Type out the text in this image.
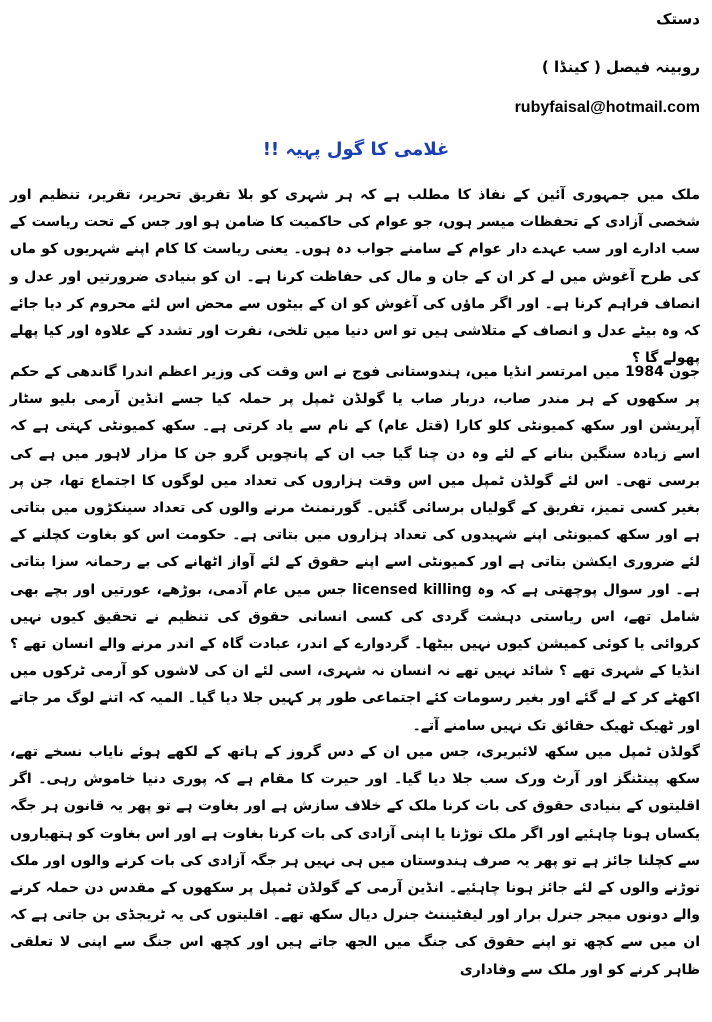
دستک
روبینہ فیصل ( کینڈا )
rubyfaisal@hotmail.com
غلامی کا گول پہیہ !!

ملک میں جمہوری آئین کے نفاذ کا مطلب ہے کہ ہر شہری کو بلا تفریق تحریر، تقریر، تنظیم اور شخصی آزادی کے تحفظات میسر ہوں، جو عوام کی حاکمیت کا ضامن ہو اور جس کے تحت ریاست کے سب ادارے اور سب عہدے دار عوام کے سامنے جواب دہ ہوں۔ یعنی ریاست کا کام اپنے شہریوں کو ماں کی طرح آغوش میں لے کر ان کے جان و مال کی حفاظت کرنا ہے۔ ان کو بنیادی ضرورتیں اور عدل و انصاف فراہم کرنا ہے۔ اور اگر ماؤں کی آغوش کو ان کے بیٹوں سے محض اس لئے محروم کر دیا جائے کہ وہ بیٹے عدل و انصاف کے متلاشی ہیں تو اس دنیا میں تلخی، نفرت اور تشدد کے علاوہ اور کیا پھلے پھولے گا ؟

جون 1984 میں امرتسر انڈیا میں، ہندوستانی فوج نے اس وقت کی وزیر اعظم اندرا گاندھی کے حکم پر سکھوں کے ہر مندر صاب، دربار صاب یا گولڈن ٹمپل پر حملہ کیا جسے انڈین آرمی بلیو سٹار آپریشن اور سکھ کمیونٹی کلو کارا (قتل عام) کے نام سے یاد کرتی ہے۔ سکھ کمیونٹی کہتی ہے کہ اسے زیادہ سنگین بنانے کے لئے وہ دن چنا گیا جب ان کے پانچویں گرو جن کا مزار لاہور میں ہے کی برسی تھی۔ اس لئے گولڈن ٹمپل میں اس وقت ہزاروں کی تعداد میں لوگوں کا اجتماع تھا، جن پر بغیر کسی تمیز، تفریق کے گولیاں برسائی گئیں۔ گورنمنٹ مرنے والوں کی تعداد سینکڑوں میں بتاتی ہے اور سکھ کمیونٹی اپنے شہیدوں کی تعداد ہزاروں میں بتاتی ہے۔ حکومت اس کو بغاوت کچلنے کے لئے ضروری ایکشن بتاتی ہے اور کمیونٹی اسے اپنے حقوق کے لئے آواز اٹھانے کی بے رحمانہ سزا بتاتی ہے۔ اور سوال پوچھتی ہے کہ وہ licensed killing جس میں عام آدمی، بوڑھے، عورتیں اور بچے بھی شامل تھے، اس ریاستی دہشت گردی کی کسی انسانی حقوق کی تنظیم نے تحقیق کیوں نہیں کروائی یا کوئی کمیشن کیوں نہیں بیٹھا۔ گردوارے کے اندر، عبادت گاہ کے اندر مرنے والے انسان تھے ؟ انڈیا کے شہری تھے ؟ شائد نہیں تھے نہ انسان نہ شہری، اسی لئے ان کی لاشوں کو آرمی ٹرکوں میں اکھٹے کر کے لے گئے اور بغیر رسومات کئے اجتماعی طور پر کہیں جلا دیا گیا۔ المیہ کہ اتنے لوگ مر جاتے اور ٹھیک ٹھیک حقائق تک نہیں سامنے آتے۔

گولڈن ٹمپل میں سکھ لائبریری، جس میں ان کے دس گروز کے ہاتھ کے لکھے ہوئے نایاب نسخے تھے، سکھ پینٹنگز اور آرٹ ورک سب جلا دیا گیا۔ اور حیرت کا مقام ہے کہ پوری دنیا خاموش رہی۔ اگر اقلیتوں کے بنیادی حقوق کی بات کرنا ملک کے خلاف سازش ہے اور بغاوت ہے تو پھر یہ قانون ہر جگہ یکساں ہونا چاہئیے اور اگر ملک توڑنا یا اپنی آزادی کی بات کرنا بغاوت ہے اور اس بغاوت کو ہتھیاروں سے کچلنا جائز ہے تو پھر یہ صرف ہندوستان میں ہی نہیں ہر جگہ آزادی کی بات کرنے والوں اور ملک توڑنے والوں کے لئے جائز ہونا چاہئیے۔ انڈین آرمی کے گولڈن ٹمپل پر سکھوں کے مقدس دن حملہ کرنے والے دونوں میجر جنرل برار اور لیفٹیننٹ جنرل دیال سکھ تھے۔ اقلیتوں کی یہ ٹریجڈی بن جاتی ہے کہ ان میں سے کچھ تو اپنے حقوق کی جنگ میں الجھ جاتے ہیں اور کچھ اس جنگ سے اپنی لا تعلقی ظاہر کرنے کو اور ملک سے وفاداری
